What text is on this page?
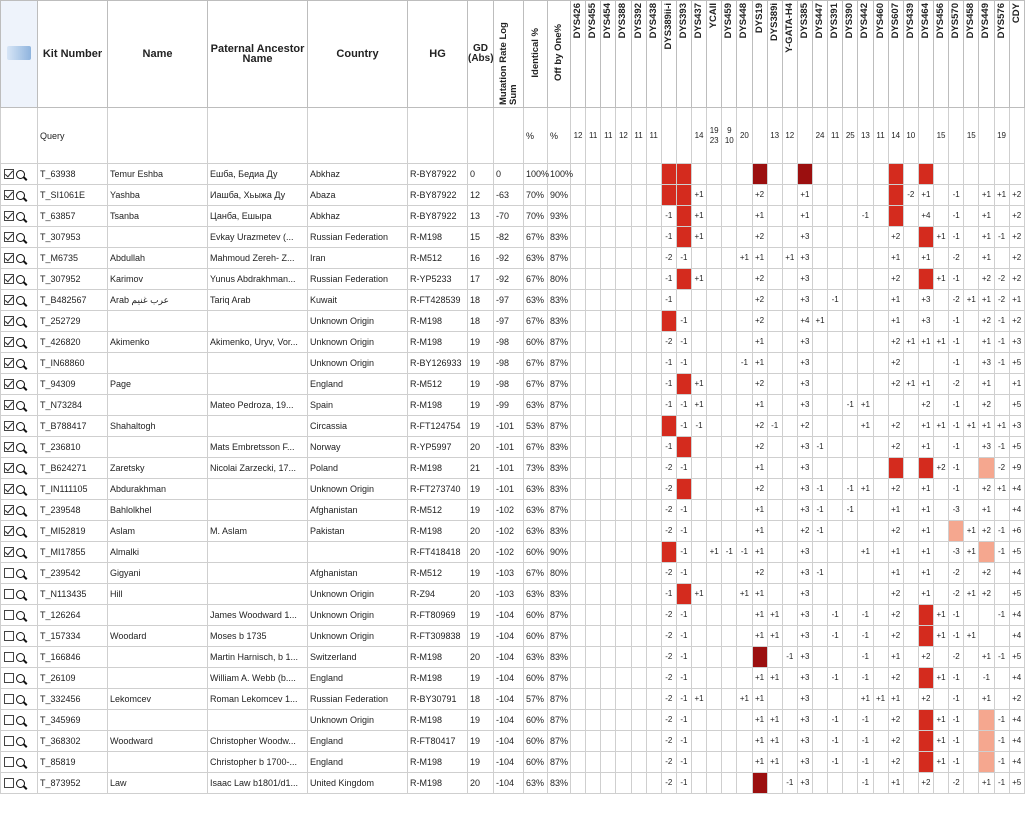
	Kit Number	Name	Paternal Ancestor Name	Country	HG	GD (Abs)	Mutation Rate Log Sum	Identical %	Off by One%	DYS426	DYS455	DYS454	DYS388	DYS392	DYS438	DYS389ii-i	DYS393	DYS437	YCAII	DYS459	DYS448	DYS19	DYS389i	Y-GATA-H4	DYS385	DYS447	DYS391	DYS390	DYS442	DYS460	DYS607	DYS439	DYS464	DYS456	DYS570	DYS458	DYS449	DYS576	CDY
	Query							%	%	12	11	11	12	11	11	16	14	14	19 23	9 10	20	16	13	12	11 14	24	11	25	13	11	14	10	12 15 15 16	15	21	15	30	19	35 37
	T_63938	Temur Eshba	Ешба, Бедиа Ду	Abkhaz	R-BY87922	0	0	100%	100%																														
	T_SI1061E	Yashba	Иашба, Хьыжа Ду	Abaza	R-BY87922	12	-63	70%	90%									+1				+2			+1							-2	+1		-1		+1	+1	+2
	T_63857	Tsanba	Цанба, Ешыра	Abkhaz	R-BY87922	13	-70	70%	93%							-1		+1				+1			+1				-1				+4		-1		+1		+2
	T_307953		Evkay Urazmetev (...	Russian Federation	R-M198	15	-82	67%	83%							-1		+1				+2			+3						+2			+1	-1		+1	-1	+2
	T_M6735	Abdullah	Mahmoud Zereh- Z...	Iran	R-M512	16	-92	63%	87%							-2	-1				+1	+1		+1	+3						+1		+1		-2		+1		+2
	T_307952	Karimov	Yunus Abdrakhman...	Russian Federation	R-YP5233	17	-92	67%	80%							-1		+1				+2			+3						+2			+1	-1		+2	-2	+2
	T_B482567	Arab عرب غنيم	Tariq Arab	Kuwait	R-FT428539	18	-97	63%	83%							-1						+2			+3		-1				+1		+3		-2	+1	+1	-2	+1
	T_252729			Unknown Origin	R-M198	18	-97	67%	83%								-1					+2			+4	+1					+1		+3		-1		+2	-1	+2
	T_426820	Akimenko	Akimenko, Uryv, Vor...	Unknown Origin	R-M198	19	-98	60%	87%							-2	-1					+1			+3						+2	+1	+1	+1	-1		+1	-1	+3
	T_IN68860			Unknown Origin	R-BY126933	19	-98	67%	87%							-1	-1				-1	+1			+3						+2				-1		+3	-1	+5
	T_94309	Page		England	R-M512	19	-98	67%	87%							-1		+1				+2			+3						+2	+1	+1		-2		+1		+1
	T_N73284		Mateo Pedroza, 19...	Spain	R-M198	19	-99	63%	87%							-1	-1	+1				+1			+3			-1	+1				+2		-1		+2		+5
	T_B788417	Shahaltogh		Circassia	R-FT124754	19	-101	53%	87%								-1	-1				+2	-1		+2				+1		+2		+1	+1	-1	+1	+1	+1	+3
	T_236810		Mats Embretsson F...	Norway	R-YP5997	20	-101	67%	83%							-1						+2			+3	-1					+2		+1		-1		+3	-1	+5
	T_B624271	Zaretsky	Nicolai Zarzecki, 17...	Poland	R-M198	21	-101	73%	83%							-2	-1					+1			+3									+2	-1			-2	+9
	T_IN111105	Abdurakhman		Unknown Origin	R-FT273740	19	-101	63%	83%							-2						+2			+3	-1		-1	+1		+2		+1		-1		+2	+1	+4
	T_239548	Bahlolkhel		Afghanistan	R-M512	19	-102	63%	87%							-2	-1					+1			+3	-1		-1			+1		+1		-3		+1		+4
	T_MI52819	Aslam	M. Aslam	Pakistan	R-M198	20	-102	63%	83%							-2	-1					+1			+2	-1					+2		+1			+1	+2	-1	+6
	T_MI17855	Almalki			R-FT418418	20	-102	60%	90%								-1		+1	-1	-1	+1			+3				+1		+1		+1		-3	+1		-1	+5
	T_239542	Gigyani		Afghanistan	R-M512	19	-103	67%	80%							-2	-1					+2			+3	-1					+1		+1		-2		+2		+4
	T_N113435	Hill		Unknown Origin	R-Z94	20	-103	63%	83%							-1		+1			+1	+1			+3						+2		+1		-2	+1	+2		+5
	T_126264		James Woodward 1...	Unknown Origin	R-FT80969	19	-104	60%	87%							-2	-1					+1	+1		+3		-1		-1		+2			+1	-1			-1	+4
	T_157334	Woodard	Moses b 1735	Unknown Origin	R-FT309838	19	-104	60%	87%							-2	-1					+1	+1		+3		-1		-1		+2			+1	-1	+1			+4
	T_166846		Martin Harnisch, b 1...	Switzerland	R-M198	20	-104	63%	83%							-2	-1							-1	+3				-1		+1		+2		-2		+1	-1	+5
	T_26109		William A. Webb (b....	England	R-M198	19	-104	60%	87%							-2	-1					+1	+1		+3		-1		-1		+2			+1	-1		-1		+4
	T_332456	Lekomcev	Roman Lekomcev 1...	Russian Federation	R-BY30791	18	-104	57%	87%							-2	-1	+1			+1	+1			+3				+1	+1	+1		+2		-1		+1		+2
	T_345969			Unknown Origin	R-M198	19	-104	60%	87%							-2	-1					+1	+1		+3		-1		-1		+2			+1	-1			-1	+4
	T_368302	Woodward	Christopher Woodw...	England	R-FT80417	19	-104	60%	87%							-2	-1					+1	+1		+3		-1		-1		+2			+1	-1			-1	+4
	T_85819		Christopher b 1700-...	England	R-M198	19	-104	60%	87%							-2	-1					+1	+1		+3		-1		-1		+2			+1	-1			-1	+4
	T_873952	Law	Isaac Law b1801/d1...	United Kingdom	R-M198	20	-104	63%	83%							-2	-1							-1	+3				-1		+1		+2		-2		+1	-1	+5
